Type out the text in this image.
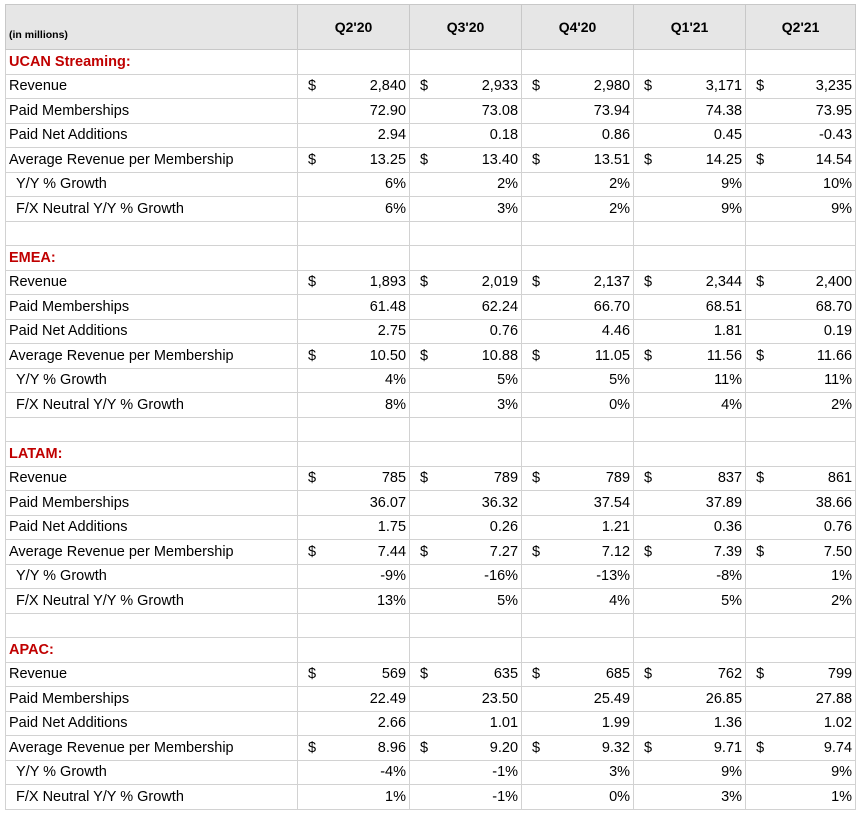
(in millions)	Q2'20		Q3'20		Q4'20		Q1'21		Q2'21	
UCAN Streaming:										
Revenue	$	2,840	$	2,933	$	2,980	$	3,171	$	3,235
Paid Memberships		72.90		73.08		73.94		74.38		73.95
Paid Net Additions		2.94		0.18		0.86		0.45		-0.43
Average Revenue per Membership	$	13.25	$	13.40	$	13.51	$	14.25	$	14.54
Y/Y % Growth		6%		2%		2%		9%		10%
F/X Neutral Y/Y % Growth		6%		3%		2%		9%		9%

EMEA:										
Revenue	$	1,893	$	2,019	$	2,137	$	2,344	$	2,400
Paid Memberships		61.48		62.24		66.70		68.51		68.70
Paid Net Additions		2.75		0.76		4.46		1.81		0.19
Average Revenue per Membership	$	10.50	$	10.88	$	11.05	$	11.56	$	11.66
Y/Y % Growth		4%		5%		5%		11%		11%
F/X Neutral Y/Y % Growth		8%		3%		0%		4%		2%

LATAM:										
Revenue	$	785	$	789	$	789	$	837	$	861
Paid Memberships		36.07		36.32		37.54		37.89		38.66
Paid Net Additions		1.75		0.26		1.21		0.36		0.76
Average Revenue per Membership	$	7.44	$	7.27	$	7.12	$	7.39	$	7.50
Y/Y % Growth		-9%		-16%		-13%		-8%		1%
F/X Neutral Y/Y % Growth		13%		5%		4%		5%		2%

APAC:										
Revenue	$	569	$	635	$	685	$	762	$	799
Paid Memberships		22.49		23.50		25.49		26.85		27.88
Paid Net Additions		2.66		1.01		1.99		1.36		1.02
Average Revenue per Membership	$	8.96	$	9.20	$	9.32	$	9.71	$	9.74
Y/Y % Growth		-4%		-1%		3%		9%		9%
F/X Neutral Y/Y % Growth		1%		-1%		0%		3%		1%
